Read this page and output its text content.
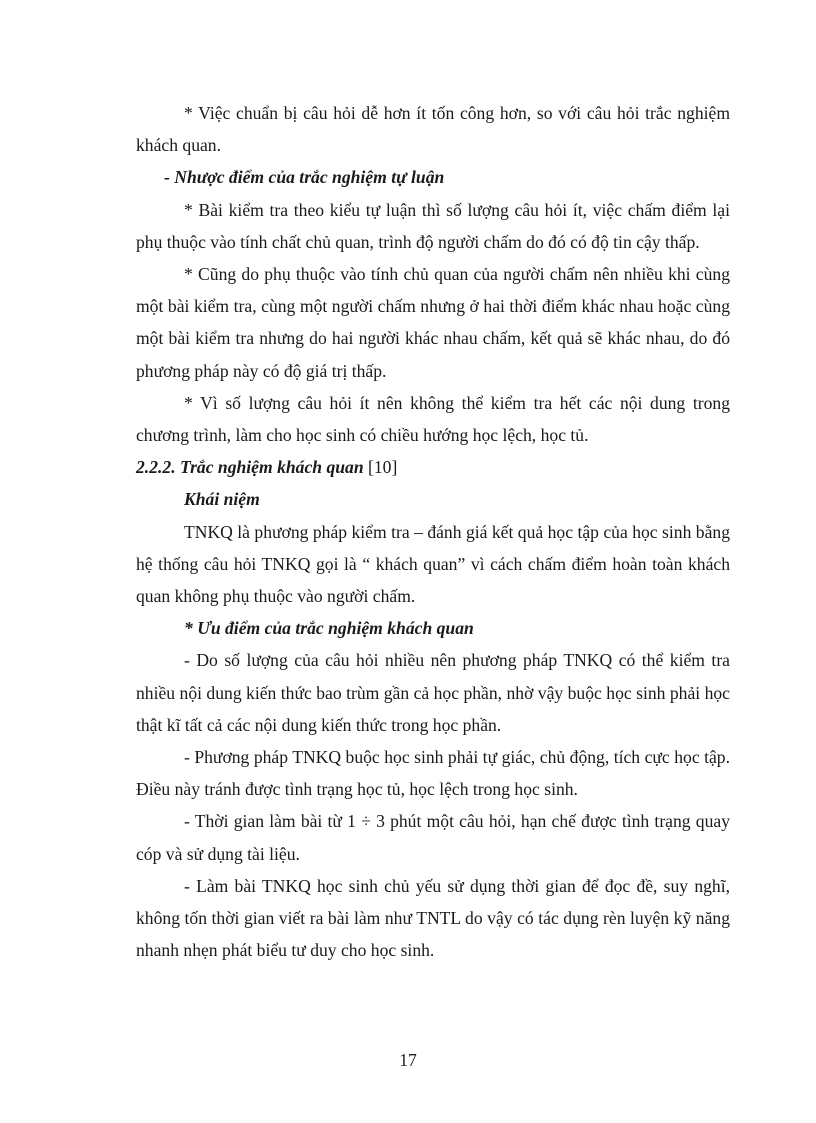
* Việc chuẩn bị câu hỏi dễ hơn ít tốn công hơn, so với câu hỏi trắc nghiệm khách quan.

- Nhược điểm của trắc nghiệm tự luận

* Bài kiểm tra theo kiểu tự luận thì số lượng câu hỏi ít, việc chấm điểm lại phụ thuộc vào tính chất chủ quan, trình độ người chấm do đó có độ tin cậy thấp.

* Cũng do phụ thuộc vào tính chủ quan của người chấm nên nhiều khi cùng một bài kiểm tra, cùng một người chấm nhưng ở hai thời điểm khác nhau hoặc cùng một bài kiểm tra nhưng do hai người khác nhau chấm, kết quả sẽ khác nhau, do đó phương pháp này có độ giá trị thấp.

* Vì số lượng câu hỏi ít nên không thể kiểm tra hết các nội dung trong chương trình, làm cho học sinh có chiều hướng học lệch, học tủ.

2.2.2. Trắc nghiệm khách quan [10]

Khái niệm

TNKQ là phương pháp kiểm tra – đánh giá kết quả học tập của học sinh bằng hệ thống câu hỏi TNKQ gọi là “ khách quan” vì cách chấm điểm hoàn toàn khách quan không phụ thuộc vào người chấm.

* Ưu điểm của trắc nghiệm khách quan

- Do số lượng của câu hỏi nhiều nên phương pháp TNKQ có thể kiểm tra nhiều nội dung kiến thức bao trùm gần cả học phần, nhờ vậy buộc học sinh phải học thật kĩ tất cả các nội dung kiến thức trong học phần.

- Phương pháp TNKQ buộc học sinh phải tự giác, chủ động, tích cực học tập. Điều này tránh được tình trạng học tủ, học lệch trong học sinh.

- Thời gian làm bài từ 1 ÷ 3 phút một câu hỏi, hạn chế được tình trạng quay cóp và sử dụng tài liệu.

- Làm bài TNKQ học sinh chủ yếu sử dụng thời gian để đọc đề, suy nghĩ, không tốn thời gian viết ra bài làm như TNTL do vậy có tác dụng rèn luyện kỹ năng nhanh nhẹn phát biểu tư duy cho học sinh.

17
